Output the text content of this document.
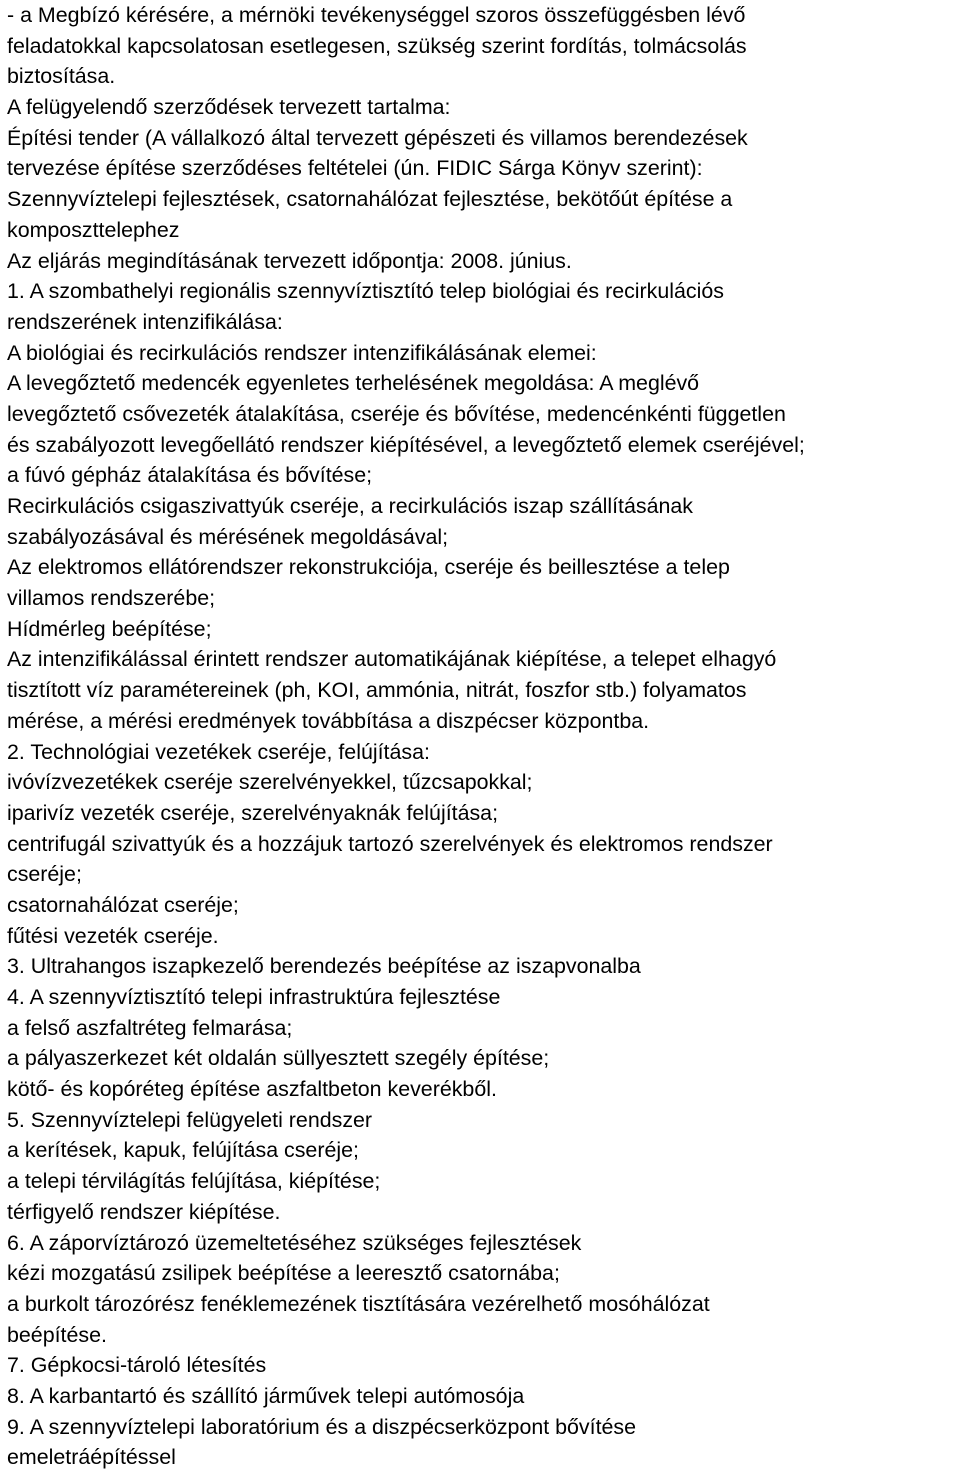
- a Megbízó kérésére, a mérnöki tevékenységgel szoros összefüggésben lévő
feladatokkal kapcsolatosan esetlegesen, szükség szerint fordítás, tolmácsolás
biztosítása.
A felügyelendő szerződések tervezett tartalma:
Építési tender (A vállalkozó által tervezett gépészeti és villamos berendezések
tervezése építése szerződéses feltételei (ún. FIDIC Sárga Könyv szerint):
Szennyvíztelepi fejlesztések, csatornahálózat fejlesztése, bekötőút építése a
komposzttelephez
Az eljárás megindításának tervezett időpontja: 2008. június.
1. A szombathelyi regionális szennyvíztisztító telep biológiai és recirkulációs
rendszerének intenzifikálása:
A biológiai és recirkulációs rendszer intenzifikálásának elemei:
A levegőztető medencék egyenletes terhelésének megoldása: A meglévő
levegőztető csővezeték átalakítása, cseréje és bővítése, medencénkénti független
és szabályozott levegőellátó rendszer kiépítésével, a levegőztető elemek cseréjével;
a fúvó gépház átalakítása és bővítése;
Recirkulációs csigaszivattyúk cseréje, a recirkulációs iszap szállításának
szabályozásával és mérésének megoldásával;
Az elektromos ellátórendszer rekonstrukciója, cseréje és beillesztése a telep
villamos rendszerébe;
Hídmérleg beépítése;
Az intenzifikálással érintett rendszer automatikájának kiépítése, a telepet elhagyó
tisztított víz paramétereinek (ph, KOI, ammónia, nitrát, foszfor stb.) folyamatos
mérése, a mérési eredmények továbbítása a diszpécser központba.
2. Technológiai vezetékek cseréje, felújítása:
ivóvízvezetékek cseréje szerelvényekkel, tűzcsapokkal;
iparivíz vezeték cseréje, szerelvényaknák felújítása;
centrifugál szivattyúk és a hozzájuk tartozó szerelvények és elektromos rendszer
cseréje;
csatornahálózat cseréje;
fűtési vezeték cseréje.
3. Ultrahangos iszapkezelő berendezés beépítése az iszapvonalba
4. A szennyvíztisztító telepi infrastruktúra fejlesztése
a felső aszfaltréteg felmarása;
a pályaszerkezet két oldalán süllyesztett szegély építése;
kötő- és kopóréteg építése aszfaltbeton keverékből.
5. Szennyvíztelepi felügyeleti rendszer
a kerítések, kapuk, felújítása cseréje;
a telepi térvilágítás felújítása, kiépítése;
térfigyelő rendszer kiépítése.
6. A záporvíztározó üzemeltetéséhez szükséges fejlesztések
kézi mozgatású zsilipek beépítése a leeresztő csatornába;
a burkolt tározórész fenéklemezének tisztítására vezérelhető mosóhálózat
beépítése.
7. Gépkocsi-tároló létesítés
8. A karbantartó és szállító járművek telepi autómosója
9. A szennyvíztelepi laboratórium és a diszpécserközpont bővítése
emeletráépítéssel
